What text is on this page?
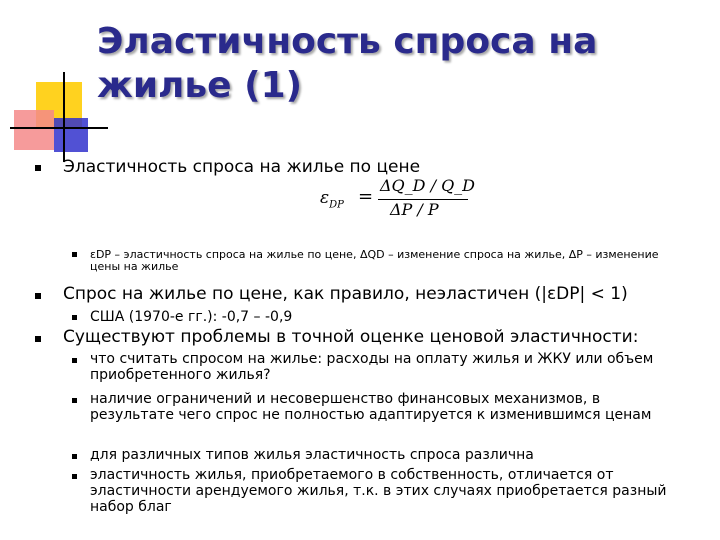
Эластичность спроса на жилье (1)
Эластичность спроса на жилье по цене
$\varepsilon_{DP}$ =
ΔQ_D / Q_D
ΔP / P
εDP – эластичность спроса на жилье по цене, ΔQD – изменение спроса на жилье, ΔP – изменение цены на жилье
Спрос на жилье по цене, как правило, неэластичен (|εDP| < 1)
США (1970-е гг.): -0,7 – -0,9
Существуют проблемы в точной оценке ценовой эластичности:
что считать спросом на жилье: расходы на оплату жилья и ЖКУ или объем приобретенного жилья?
наличие ограничений и несовершенство финансовых механизмов, в результате чего спрос не полностью адаптируется к изменившимся ценам
для различных типов жилья эластичность спроса различна
эластичность жилья, приобретаемого в собственность, отличается от эластичности арендуемого жилья, т.к. в этих случаях приобретается разный набор благ
